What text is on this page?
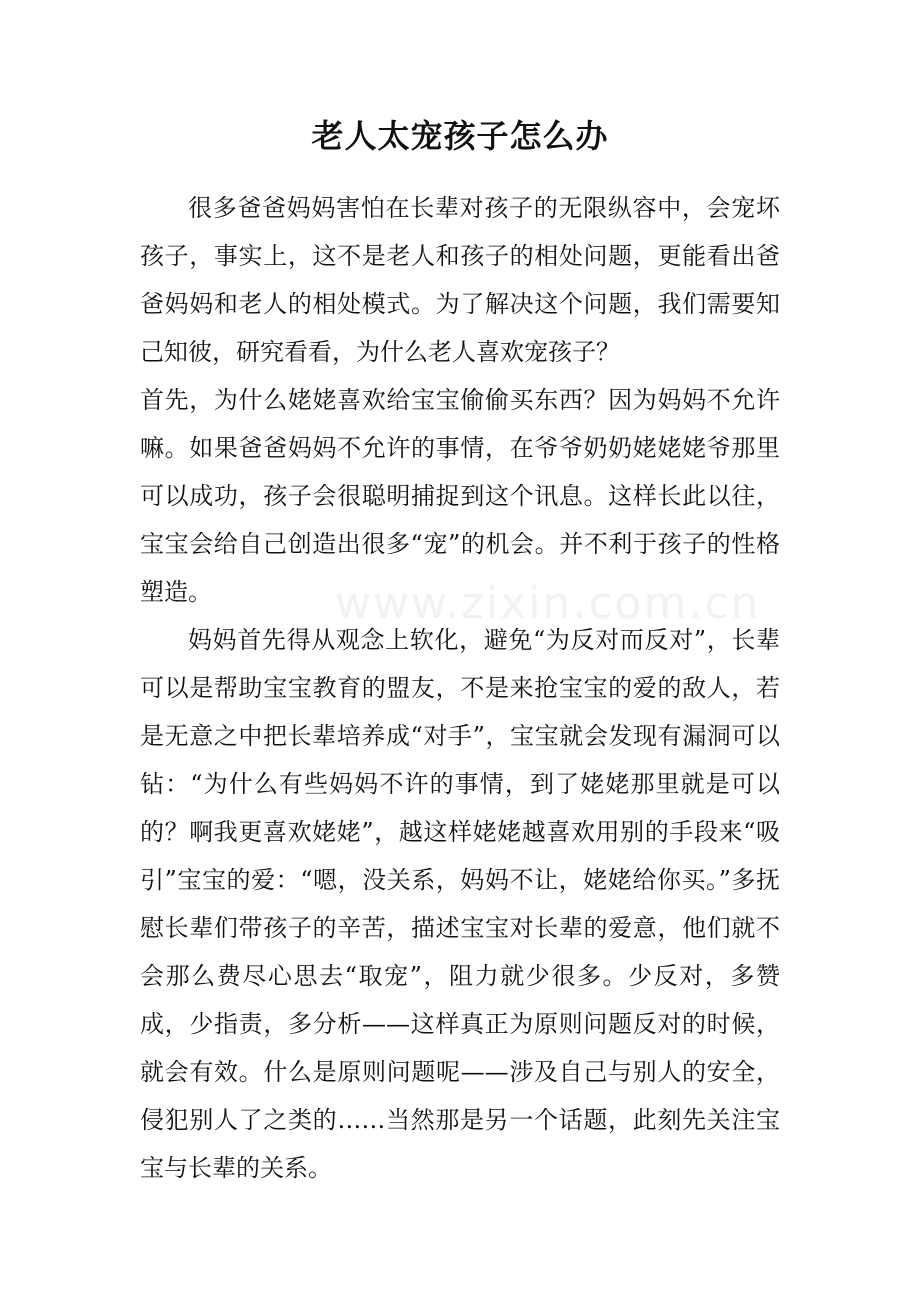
老人太宠孩子怎么办
www.zixin.com.cn

很多爸爸妈妈害怕在长辈对孩子的无限纵容中，会宠坏孩子，事实上，这不是老人和孩子的相处问题，更能看出爸爸妈妈和老人的相处模式。为了解决这个问题，我们需要知己知彼，研究看看，为什么老人喜欢宠孩子？

首先，为什么姥姥喜欢给宝宝偷偷买东西？因为妈妈不允许嘛。如果爸爸妈妈不允许的事情，在爷爷奶奶姥姥姥爷那里可以成功，孩子会很聪明捕捉到这个讯息。这样长此以往，宝宝会给自己创造出很多“宠”的机会。并不利于孩子的性格塑造。

妈妈首先得从观念上软化，避免“为反对而反对”，长辈可以是帮助宝宝教育的盟友，不是来抢宝宝的爱的敌人，若是无意之中把长辈培养成“对手”，宝宝就会发现有漏洞可以钻：“为什么有些妈妈不许的事情，到了姥姥那里就是可以的？啊我更喜欢姥姥”，越这样姥姥越喜欢用别的手段来“吸引”宝宝的爱：“嗯，没关系，妈妈不让，姥姥给你买。”多抚慰长辈们带孩子的辛苦，描述宝宝对长辈的爱意，他们就不会那么费尽心思去“取宠”，阻力就少很多。少反对，多赞成，少指责，多分析——这样真正为原则问题反对的时候，就会有效。什么是原则问题呢——涉及自己与别人的安全，侵犯别人了之类的……当然那是另一个话题，此刻先关注宝宝与长辈的关系。
